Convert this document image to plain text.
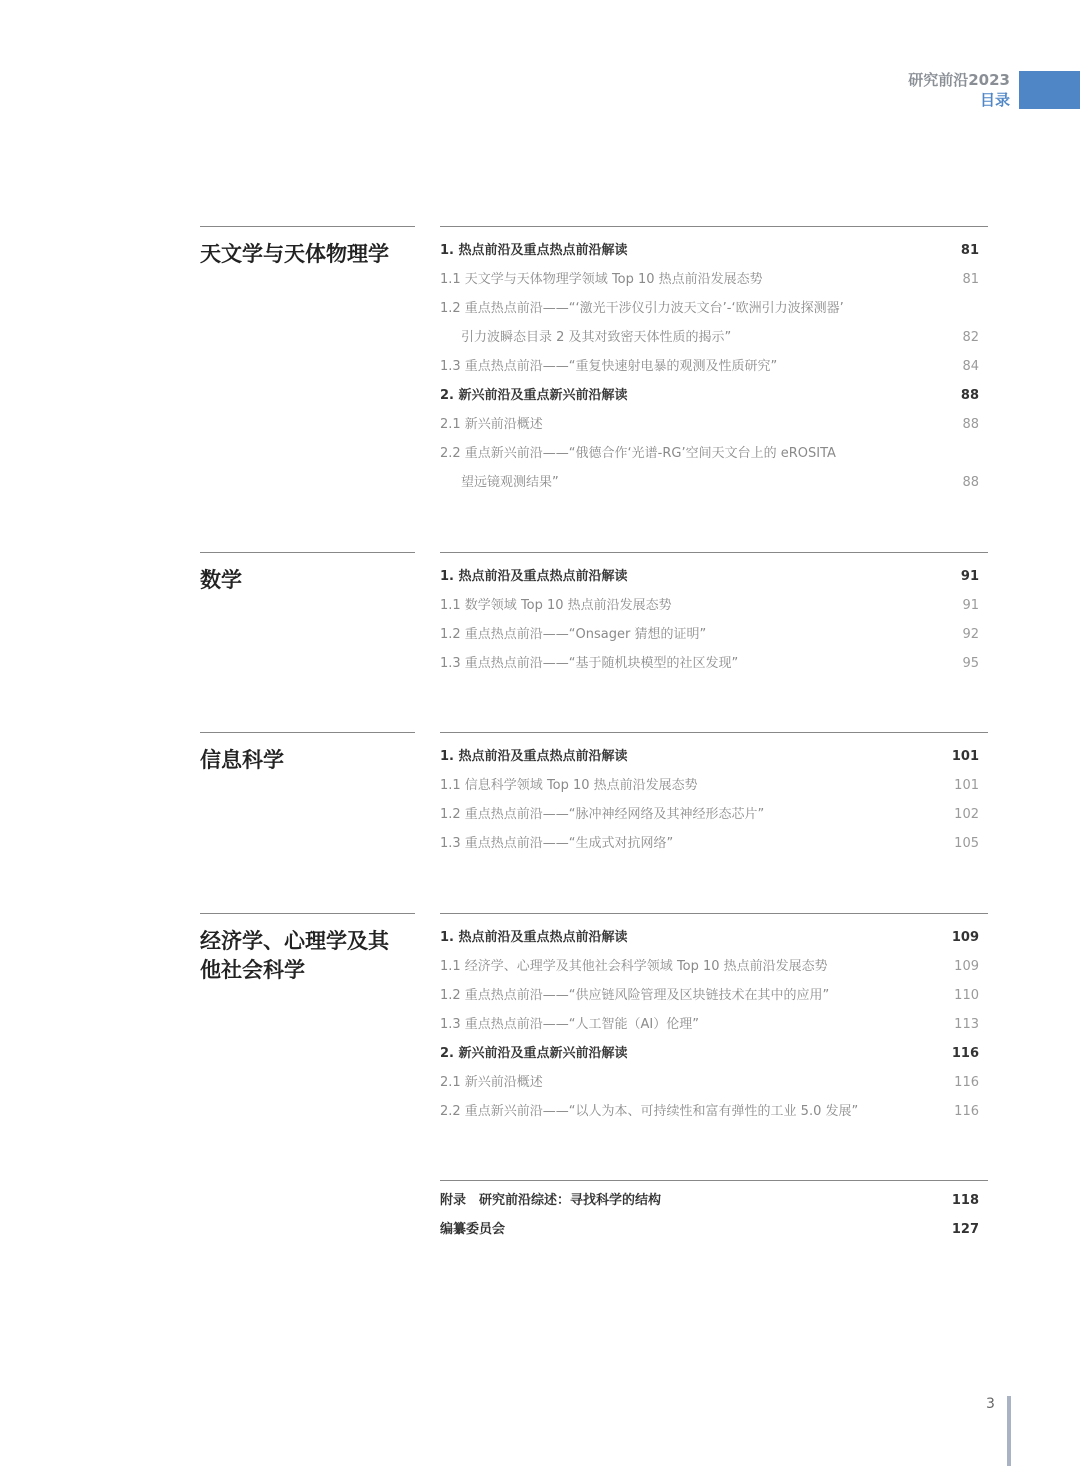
研究前沿2023
目录
天文学与天体物理学	1. 热点前沿及重点热点前沿解读	81
1.1 天文学与天体物理学领域 Top 10 热点前沿发展态势	81
1.2 重点热点前沿——“‘激光干涉仪引力波天文台’-‘欧洲引力波探测器’
引力波瞬态目录 2 及其对致密天体性质的揭示”	82
1.3 重点热点前沿——“重复快速射电暴的观测及性质研究”	84
2. 新兴前沿及重点新兴前沿解读	88
2.1 新兴前沿概述	88
2.2 重点新兴前沿——“俄德合作‘光谱-RG’空间天文台上的 eROSITA
望远镜观测结果”	88
数学	1. 热点前沿及重点热点前沿解读	91
1.1 数学领域 Top 10 热点前沿发展态势	91
1.2 重点热点前沿——“Onsager 猜想的证明”	92
1.3 重点热点前沿——“基于随机块模型的社区发现”	95
信息科学	1. 热点前沿及重点热点前沿解读	101
1.1 信息科学领域 Top 10 热点前沿发展态势	101
1.2 重点热点前沿——“脉冲神经网络及其神经形态芯片”	102
1.3 重点热点前沿——“生成式对抗网络”	105
经济学、心理学及其他社会科学
1. 热点前沿及重点热点前沿解读	109
1.1 经济学、心理学及其他社会科学领域 Top 10 热点前沿发展态势	109
1.2 重点热点前沿——“供应链风险管理及区块链技术在其中的应用”	110
1.3 重点热点前沿——“人工智能（AI）伦理”	113
2. 新兴前沿及重点新兴前沿解读	116
2.1 新兴前沿概述	116
2.2 重点新兴前沿——“以人为本、可持续性和富有弹性的工业 5.0 发展”	116
附录　研究前沿综述：寻找科学的结构	118
编纂委员会	127
3
